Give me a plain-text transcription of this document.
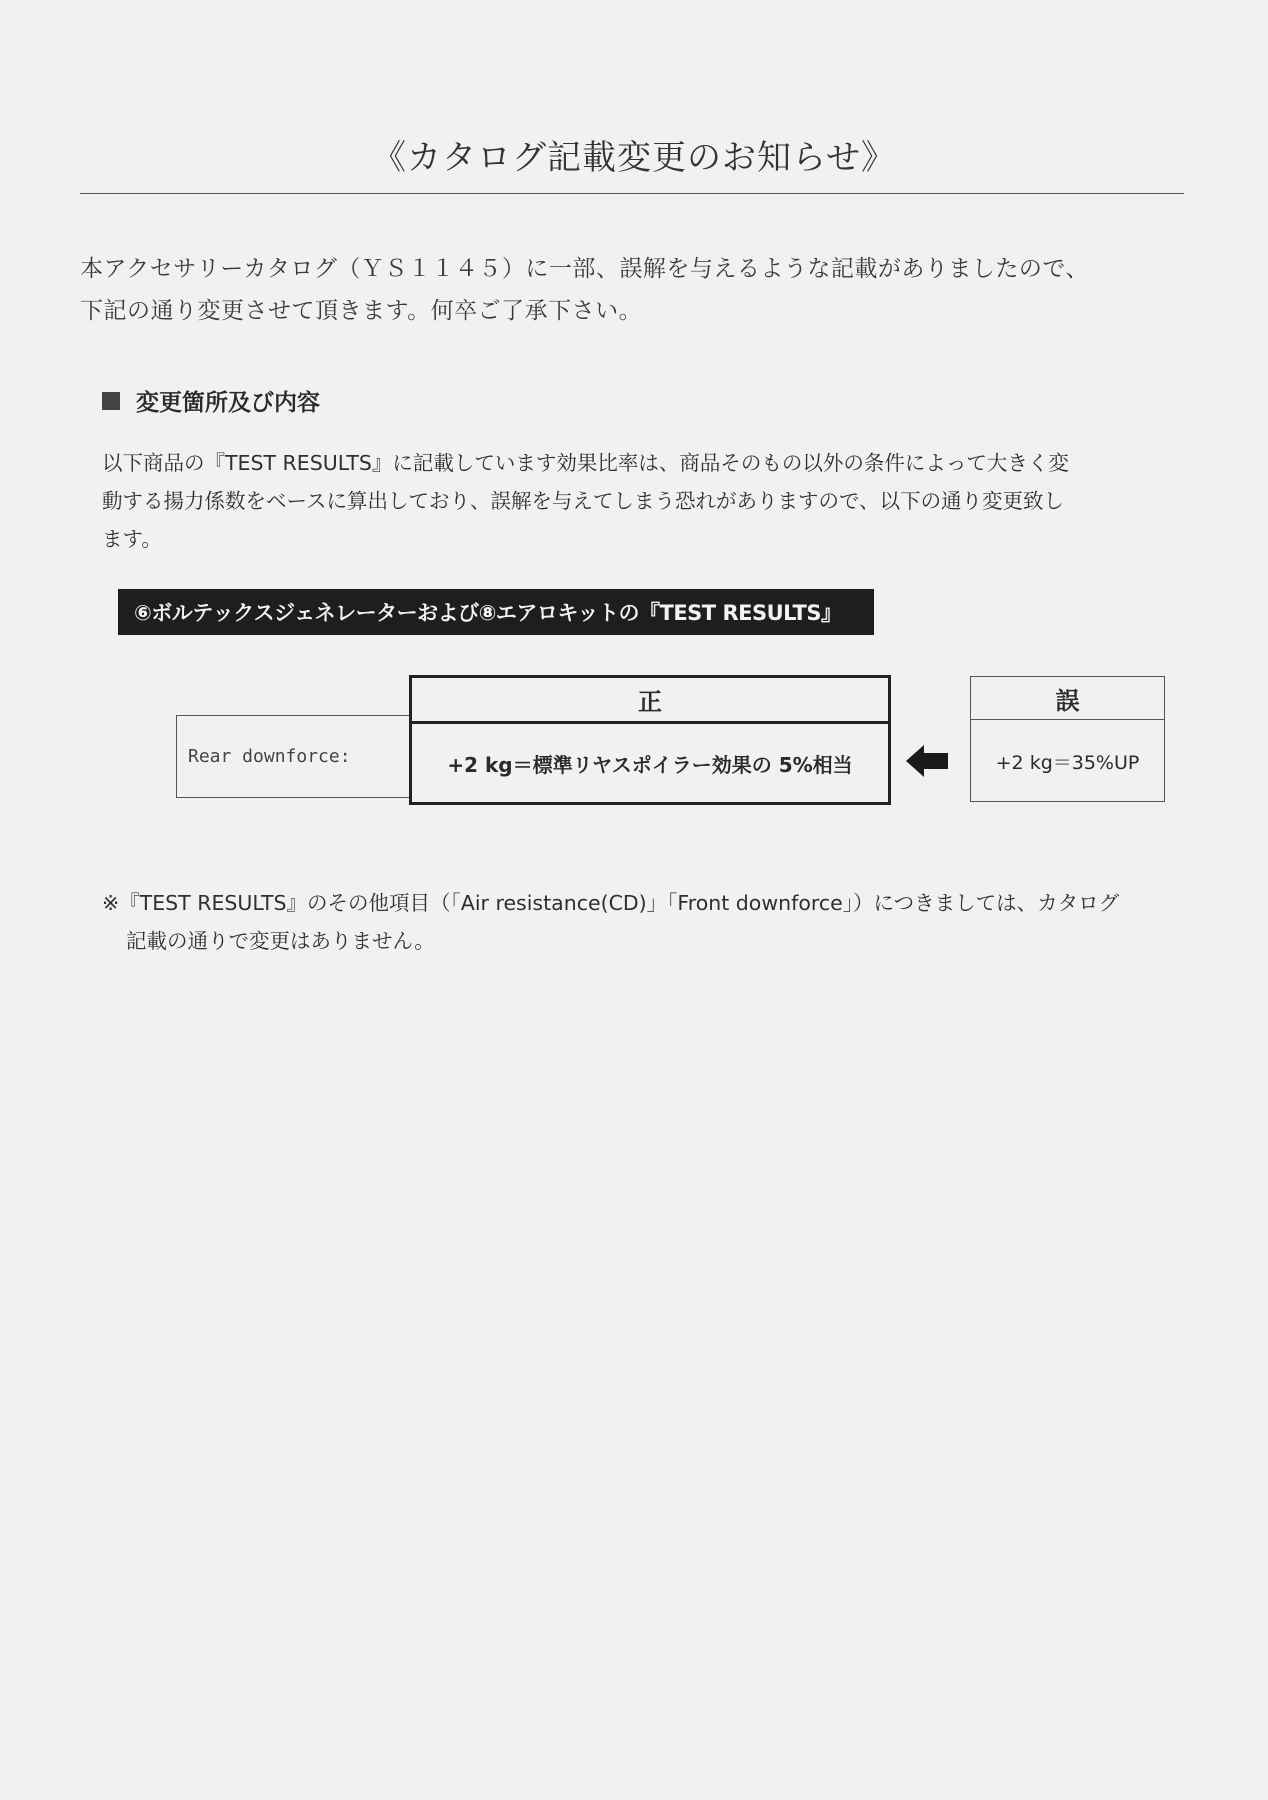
《カタログ記載変更のお知らせ》

本アクセサリーカタログ（ＹＳ１１４５）に一部、誤解を与えるような記載がありましたので、

下記の通り変更させて頂きます。何卒ご了承下さい。

変更箇所及び内容

以下商品の『TEST RESULTS』に記載しています効果比率は、商品そのもの以外の条件によって大きく変

動する揚力係数をベースに算出しており、誤解を与えてしまう恐れがありますので、以下の通り変更致し

ます。

⑥ボルテックスジェネレーターおよび⑧エアロキットの『TEST RESULTS』
Rear downforce:
正
+2 kg＝標準リヤスポイラー効果の 5%相当
誤
+2 kg＝35%UP

※『TEST RESULTS』のその他項目（「Air resistance(CD)」「Front downforce」）につきましては、カタログ

記載の通りで変更はありません。
